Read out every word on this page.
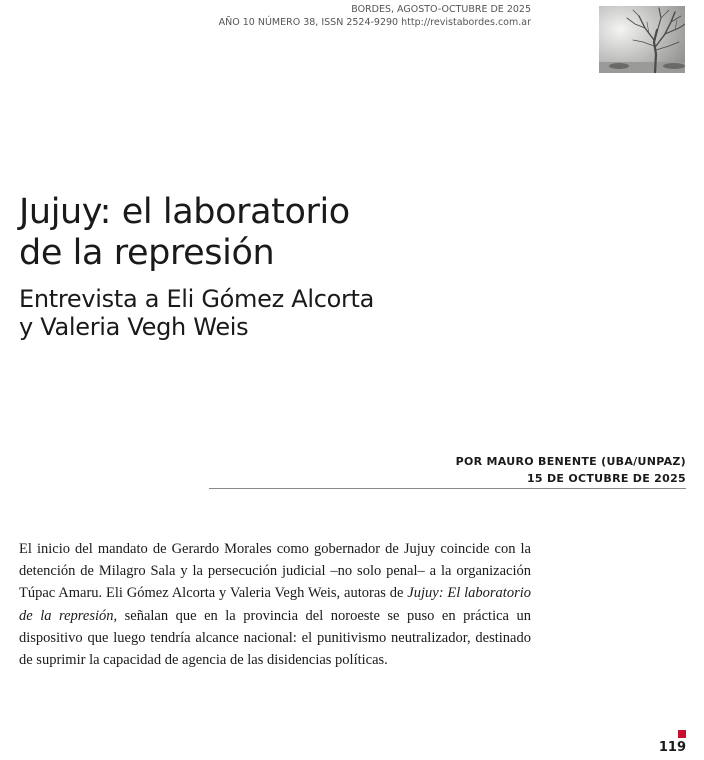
BORDES, AGOSTO-OCTUBRE DE 2025
AÑO 10 NÚMERO 38, ISSN 2524-9290 http://revistabordes.com.ar
Jujuy: el laboratorio
de la represión
Entrevista a Eli Gómez Alcorta
y Valeria Vegh Weis
POR MAURO BENENTE (UBA/UNPAZ)
15 DE OCTUBRE DE 2025

El inicio del mandato de Gerardo Morales como gobernador de Jujuy coincide con la detención de Milagro Sala y la persecución judicial –no solo penal– a la organización Túpac Amaru. Eli Gómez Alcorta y Valeria Vegh Weis, autoras de Jujuy: El laboratorio de la represión, señalan que en la provincia del noroeste se puso en práctica un dispositivo que luego tendría alcance nacional: el punitivismo neutralizador, destinado de suprimir la capacidad de agencia de las disidencias políticas.

119
